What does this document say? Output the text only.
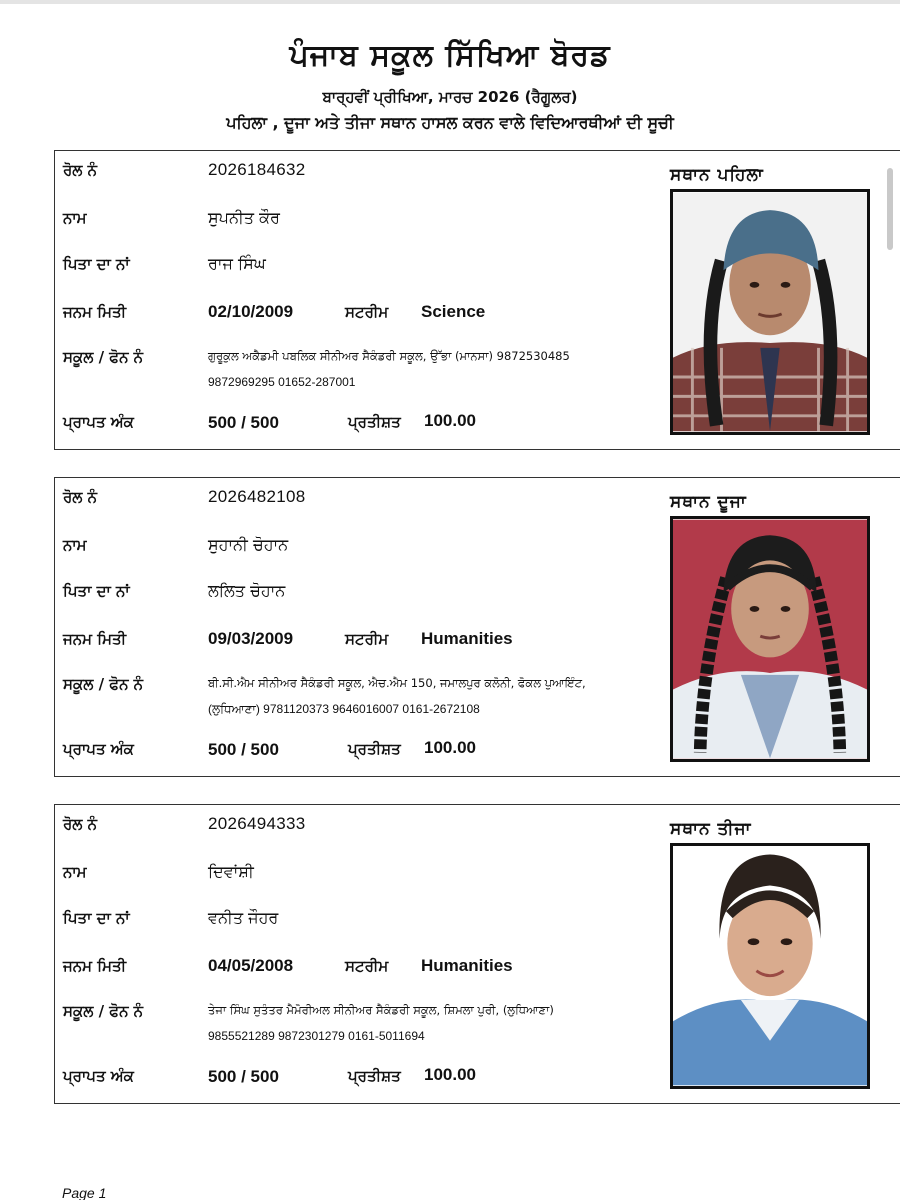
ਪੰਜਾਬ ਸਕੂਲ ਸਿੱਖਿਆ ਬੋਰਡ
ਬਾਰ੍ਹਵੀਂ ਪ੍ਰੀਖਿਆ, ਮਾਰਚ 2026 (ਰੈਗੂਲਰ)
ਪਹਿਲਾ , ਦੂਜਾ ਅਤੇ ਤੀਜਾ ਸਥਾਨ ਹਾਸਲ ਕਰਨ ਵਾਲੇ ਵਿਦਿਆਰਥੀਆਂ ਦੀ ਸੂਚੀ
ਰੋਲ ਨੰ	2026184632
ਨਾਮ	ਸੁਪਨੀਤ ਕੌਰ
ਪਿਤਾ ਦਾ ਨਾਂ	ਰਾਜ ਸਿੰਘ
ਜਨਮ ਮਿਤੀ	02/10/2009	ਸਟਰੀਮ Science
ਸਕੂਲ / ਫੋਨ ਨੰ	ਗੁਰੂਕੁਲ ਅਕੈਡਮੀ ਪਬਲਿਕ ਸੀਨੀਅਰ ਸੈਕੰਡਰੀ ਸਕੂਲ, ਉੱਭਾ (ਮਾਨਸਾ) 9872530485
9872969295 01652-287001
ਪ੍ਰਾਪਤ ਅੰਕ	500 / 500	ਪ੍ਰਤੀਸ਼ਤ 100.00
ਸਥਾਨ ਪਹਿਲਾ
ਰੋਲ ਨੰ	2026482108
ਨਾਮ	ਸੁਹਾਨੀ ਚੋਹਾਨ
ਪਿਤਾ ਦਾ ਨਾਂ	ਲਲਿਤ ਚੋਹਾਨ
ਜਨਮ ਮਿਤੀ	09/03/2009	ਸਟਰੀਮ Humanities
ਸਕੂਲ / ਫੋਨ ਨੰ	ਬੀ.ਸੀ.ਐਮ ਸੀਨੀਅਰ ਸੈਕੰਡਰੀ ਸਕੂਲ, ਐਚ.ਐਮ 150, ਜਮਾਲਪੁਰ ਕਲੋਨੀ, ਫੋਕਲ ਪੁਆਇੰਟ,
(ਲੁਧਿਆਣਾ) 9781120373 9646016007 0161-2672108
ਪ੍ਰਾਪਤ ਅੰਕ	500 / 500	ਪ੍ਰਤੀਸ਼ਤ 100.00
ਸਥਾਨ ਦੂਜਾ
ਰੋਲ ਨੰ	2026494333
ਨਾਮ	ਦਿਵਾਂਸ਼ੀ
ਪਿਤਾ ਦਾ ਨਾਂ	ਵਨੀਤ ਜੌਹਰ
ਜਨਮ ਮਿਤੀ	04/05/2008	ਸਟਰੀਮ Humanities
ਸਕੂਲ / ਫੋਨ ਨੰ	ਤੇਜਾ ਸਿੰਘ ਸੁਤੰਤਰ ਮੈਮੋਰੀਅਲ ਸੀਨੀਅਰ ਸੈਕੰਡਰੀ ਸਕੂਲ, ਸ਼ਿਮਲਾ ਪੁਰੀ, (ਲੁਧਿਆਣਾ)
9855521289 9872301279 0161-5011694
ਪ੍ਰਾਪਤ ਅੰਕ	500 / 500	ਪ੍ਰਤੀਸ਼ਤ 100.00
ਸਥਾਨ ਤੀਜਾ
Page 1
